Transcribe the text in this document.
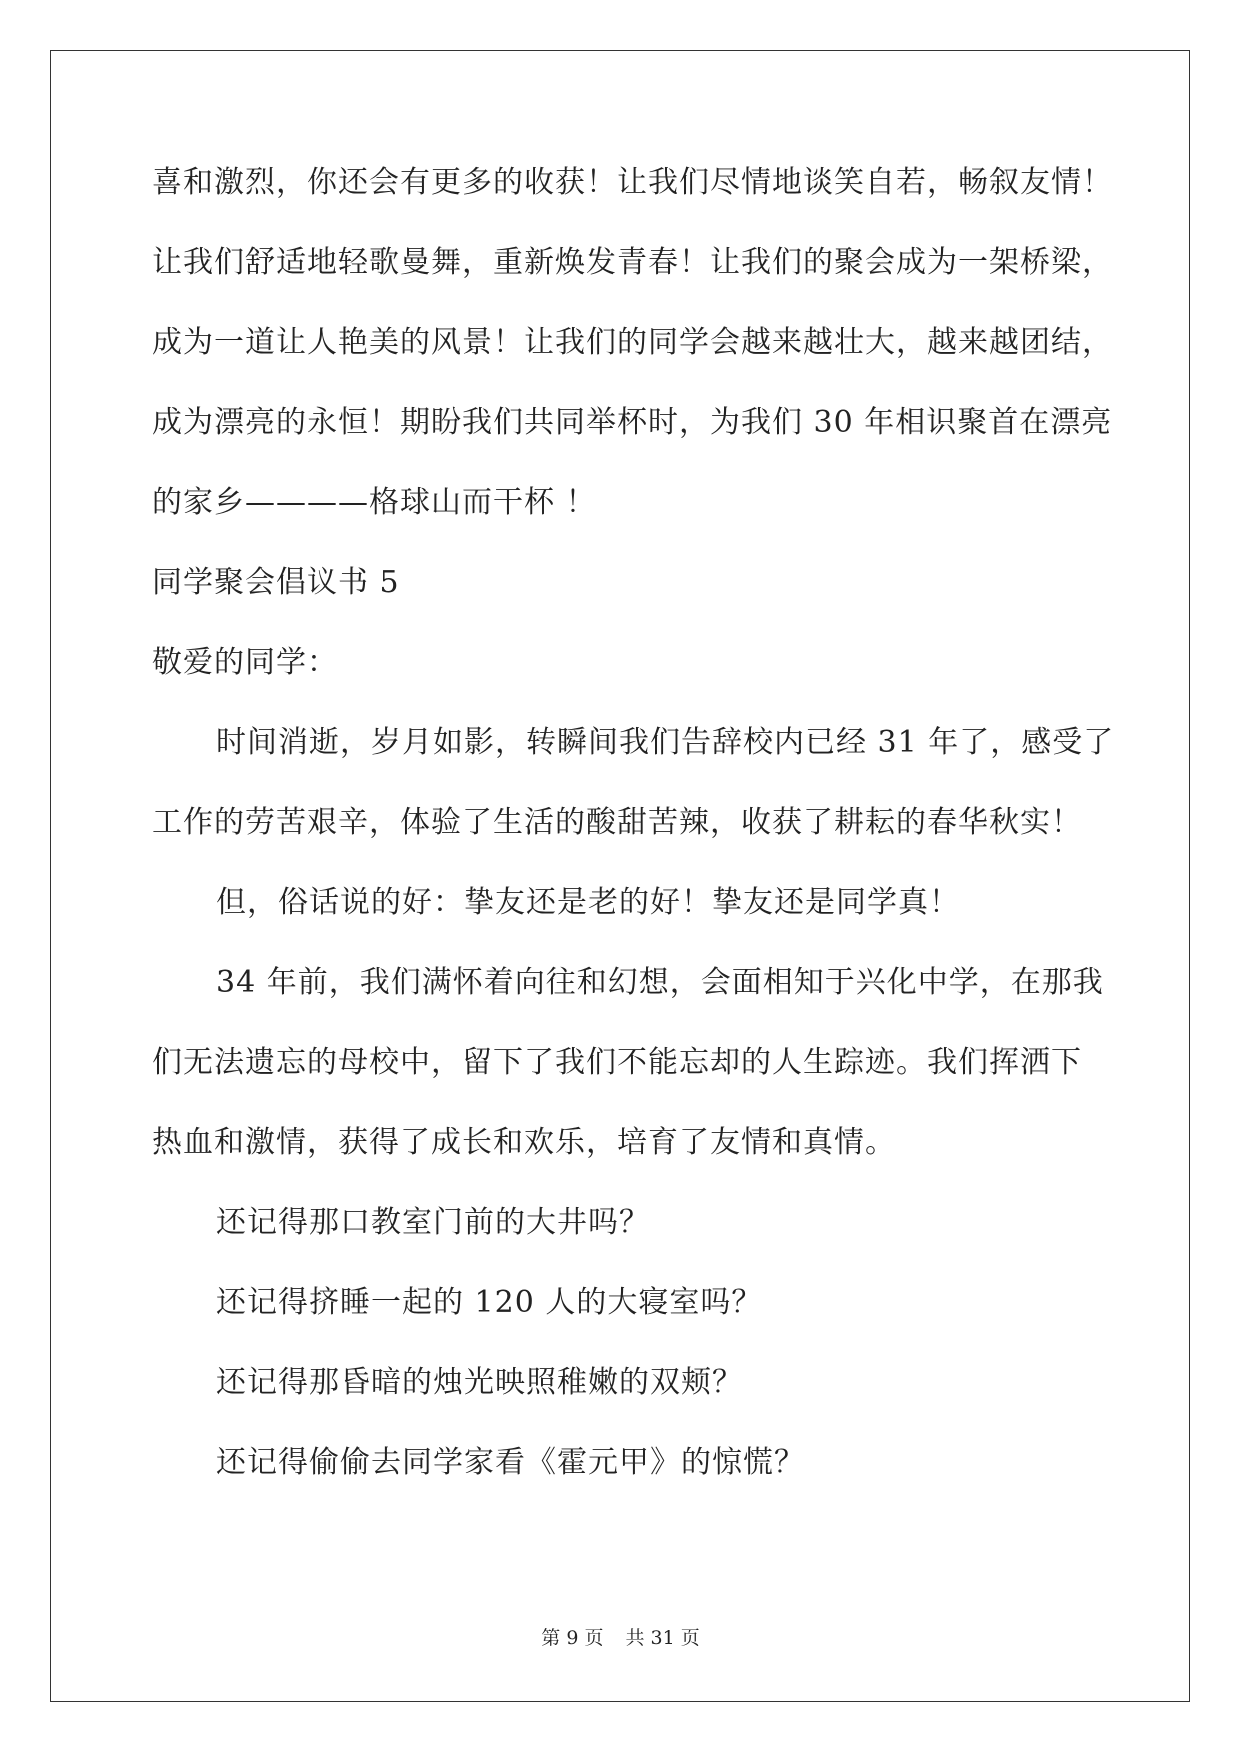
喜和激烈，你还会有更多的收获！让我们尽情地谈笑自若，畅叙友情！
让我们舒适地轻歌曼舞，重新焕发青春！让我们的聚会成为一架桥梁，
成为一道让人艳美的风景！让我们的同学会越来越壮大，越来越团结，
成为漂亮的永恒！期盼我们共同举杯时，为我们 30 年相识聚首在漂亮
的家乡————格球山而干杯 ！
同学聚会倡议书 5
敬爱的同学：
时间消逝，岁月如影，转瞬间我们告辞校内已经 31 年了，感受了
工作的劳苦艰辛，体验了生活的酸甜苦辣，收获了耕耘的春华秋实！
但，俗话说的好：挚友还是老的好！挚友还是同学真！
34 年前，我们满怀着向往和幻想，会面相知于兴化中学，在那我
们无法遗忘的母校中，留下了我们不能忘却的人生踪迹。我们挥洒下
热血和激情，获得了成长和欢乐，培育了友情和真情。
还记得那口教室门前的大井吗？
还记得挤睡一起的 120 人的大寝室吗？
还记得那昏暗的烛光映照稚嫩的双颊？
还记得偷偷去同学家看《霍元甲》的惊慌？
第 9 页 共 31 页
